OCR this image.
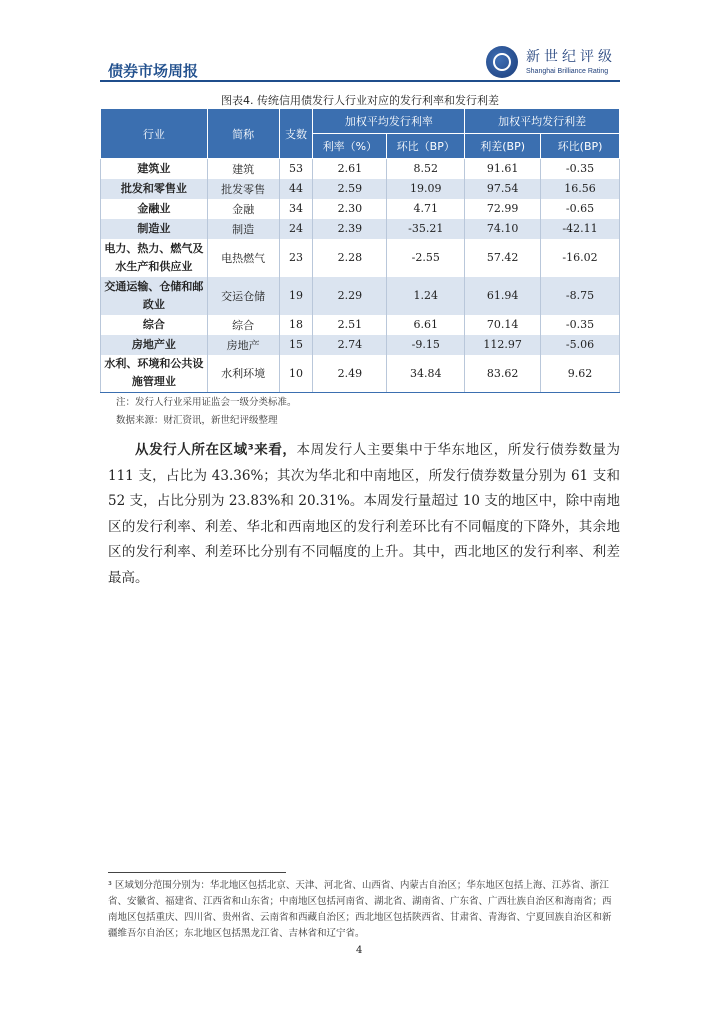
债券市场周报
新世纪评级
Shanghai Brilliance Rating
图表4. 传统信用债发行人行业对应的发行利率和发行利差
行业	简称	支数	加权平均发行利率		加权平均发行利差	
			利率（%）	环比（BP）	利差(BP)	环比(BP)
建筑业	建筑	53	2.61	8.52	91.61	-0.35
批发和零售业	批发零售	44	2.59	19.09	97.54	16.56
金融业	金融	34	2.30	4.71	72.99	-0.65
制造业	制造	24	2.39	-35.21	74.10	-42.11
电力、热力、燃气及水生产和供应业	电热燃气	23	2.28	-2.55	57.42	-16.02
交通运输、仓储和邮政业	交运仓储	19	2.29	1.24	61.94	-8.75
综合	综合	18	2.51	6.61	70.14	-0.35
房地产业	房地产	15	2.74	-9.15	112.97	-5.06
水利、环境和公共设施管理业	水利环境	10	2.49	34.84	83.62	9.62
注：发行人行业采用证监会一级分类标准。
数据来源：财汇资讯，新世纪评级整理
从发行人所在区域³来看，本周发行人主要集中于华东地区，所发行债券数量为 111 支，占比为 43.36%；其次为华北和中南地区，所发行债券数量分别为 61 支和 52 支，占比分别为 23.83%和 20.31%。本周发行量超过 10 支的地区中，除中南地区的发行利率、利差、华北和西南地区的发行利差环比有不同幅度的下降外，其余地区的发行利率、利差环比分别有不同幅度的上升。其中，西北地区的发行利率、利差最高。
³ 区域划分范围分别为：华北地区包括北京、天津、河北省、山西省、内蒙古自治区；华东地区包括上海、江苏省、浙江省、安徽省、福建省、江西省和山东省；中南地区包括河南省、湖北省、湖南省、广东省、广西壮族自治区和海南省；西南地区包括重庆、四川省、贵州省、云南省和西藏自治区；西北地区包括陕西省、甘肃省、青海省、宁夏回族自治区和新疆维吾尔自治区；东北地区包括黑龙江省、吉林省和辽宁省。
4
